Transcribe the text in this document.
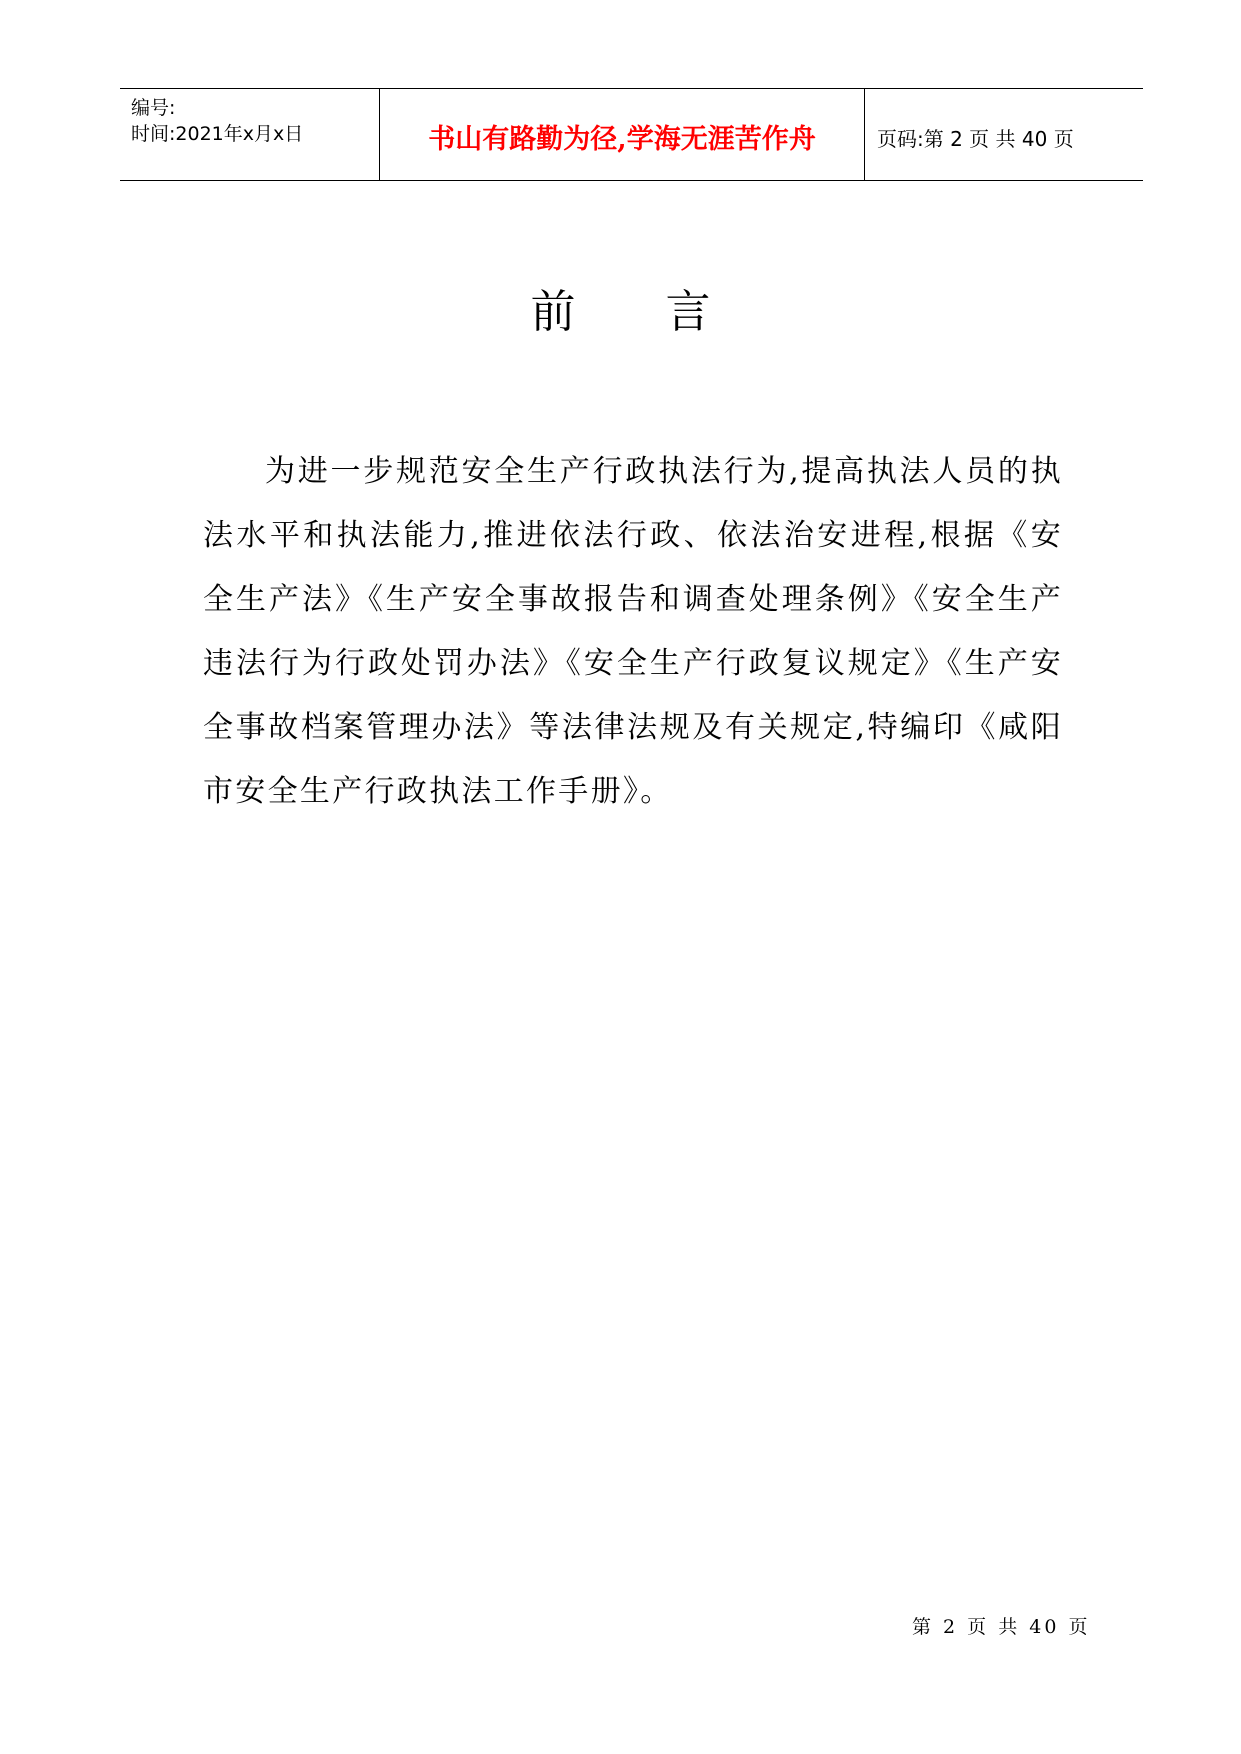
编号:
时间:2021年x月x日	书山有路勤为径,学海无涯苦作舟	页码:第 2 页 共 40 页
前言
为进一步规范安全生产行政执法行为,提高执法人员的执法水平和执法能力,推进依法行政、依法治安进程,根据《安全生产法》《生产安全事故报告和调查处理条例》《安全生产违法行为行政处罚办法》《安全生产行政复议规定》《生产安全事故档案管理办法》等法律法规及有关规定,特编印《咸阳市安全生产行政执法工作手册》。
第 2 页 共 40 页
